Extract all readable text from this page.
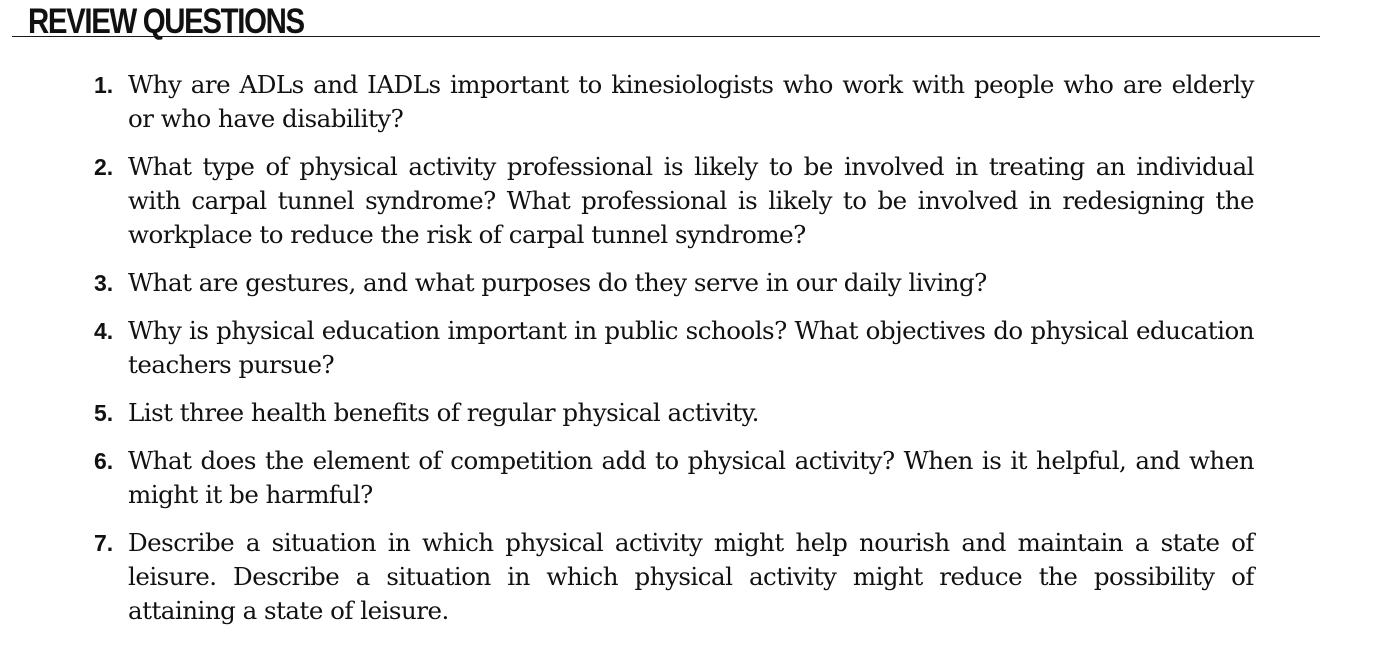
REVIEW QUESTIONS
1. Why are ADLs and IADLs important to kinesiologists who work with people who are elderly or who have disability?
2. What type of physical activity professional is likely to be involved in treating an individual with carpal tunnel syndrome? What professional is likely to be involved in redesigning the workplace to reduce the risk of carpal tunnel syndrome?
3. What are gestures, and what purposes do they serve in our daily living?
4. Why is physical education important in public schools? What objectives do physical education teachers pursue?
5. List three health benefits of regular physical activity.
6. What does the element of competition add to physical activity? When is it helpful, and when might it be harmful?
7. Describe a situation in which physical activity might help nourish and maintain a state of leisure. Describe a situation in which physical activity might reduce the possibility of attaining a state of leisure.
